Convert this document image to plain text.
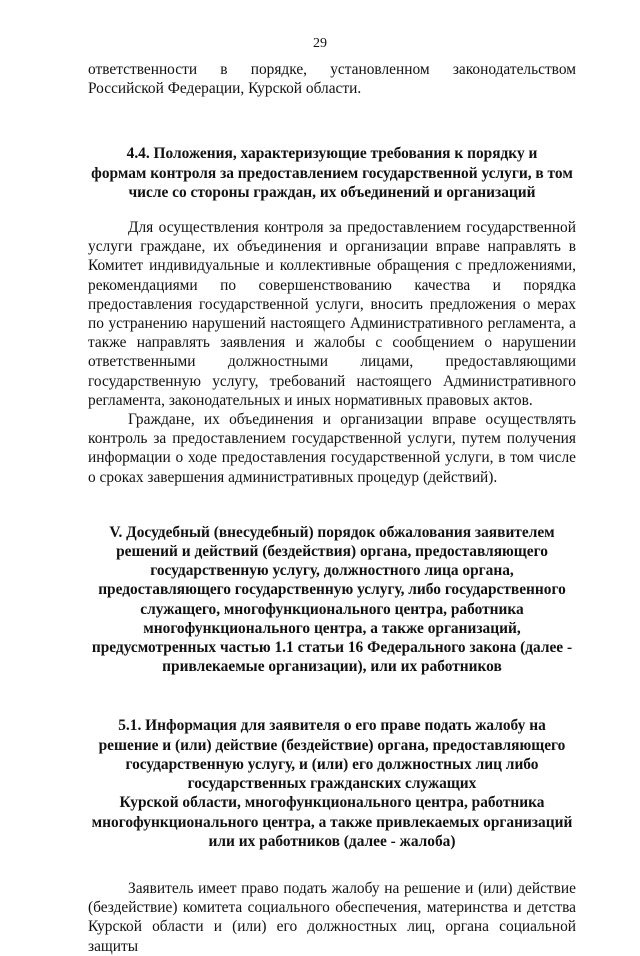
29

ответственности в порядке, установленном законодательством Российской Федерации, Курской области.

4.4. Положения, характеризующие требования к порядку и
формам контроля за предоставлением государственной услуги, в том
числе со стороны граждан, их объединений и организаций

Для осуществления контроля за предоставлением государственной услуги граждане, их объединения и организации вправе направлять в Комитет индивидуальные и коллективные обращения с предложениями, рекомендациями по совершенствованию качества и порядка предоставления государственной услуги, вносить предложения о мерах по устранению нарушений настоящего Административного регламента, а также направлять заявления и жалобы с сообщением о нарушении ответственными должностными лицами, предоставляющими государственную услугу, требований настоящего Административного регламента, законодательных и иных нормативных правовых актов.

Граждане, их объединения и организации вправе осуществлять контроль за предоставлением государственной услуги, путем получения информации о ходе предоставления государственной услуги, в том числе о сроках завершения административных процедур (действий).

V. Досудебный (внесудебный) порядок обжалования заявителем
решений и действий (бездействия) органа, предоставляющего
государственную услугу, должностного лица органа,
предоставляющего государственную услугу, либо государственного
служащего, многофункционального центра, работника
многофункционального центра, а также организаций,
предусмотренных частью 1.1 статьи 16 Федерального закона (далее -
привлекаемые организации), или их работников
5.1. Информация для заявителя о его праве подать жалобу на
решение и (или) действие (бездействие) органа, предоставляющего
государственную услугу, и (или) его должностных лиц либо
государственных гражданских служащих
Курской области, многофункционального центра, работника
многофункционального центра, а также привлекаемых организаций
или их работников (далее - жалоба)

Заявитель имеет право подать жалобу на решение и (или) действие (бездействие) комитета социального обеспечения, материнства и детства Курской области и (или) его должностных лиц, органа социальной защиты
